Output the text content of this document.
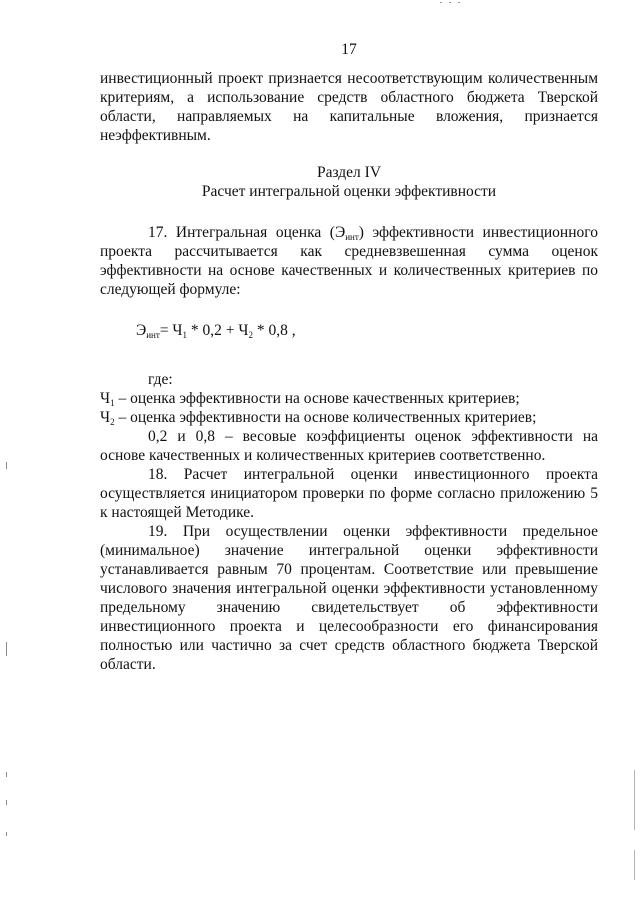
17

инвестиционный проект признается несоответствующим количественным критериям, а использование средств областного бюджета Тверской области, направляемых на капитальные вложения, признается неэффективным.

Раздел IV
Расчет интегральной оценки эффективности

17. Интегральная оценка $(Э_{инт})$ эффективности инвестиционного проекта рассчитывается как средневзвешенная сумма оценок эффективности на основе качественных и количественных критериев по следующей формуле:

$Э_{инт}= Ч_1 * 0,2 + Ч_2 * 0,8$ ,
где:
$Ч_1$ – оценка эффективности на основе качественных критериев;
$Ч_2$ – оценка эффективности на основе количественных критериев;

0,2 и 0,8 – весовые коэффициенты оценок эффективности на основе качественных и количественных критериев соответственно.

18. Расчет интегральной оценки инвестиционного проекта осуществляется инициатором проверки по форме согласно приложению 5 к настоящей Методике.

19. При осуществлении оценки эффективности предельное (минимальное) значение интегральной оценки эффективности устанавливается равным 70 процентам. Соответствие или превышение числового значения интегральной оценки эффективности установленному предельному значению свидетельствует об эффективности инвестиционного проекта и целесообразности его финансирования полностью или частично за счет средств областного бюджета Тверской области.
